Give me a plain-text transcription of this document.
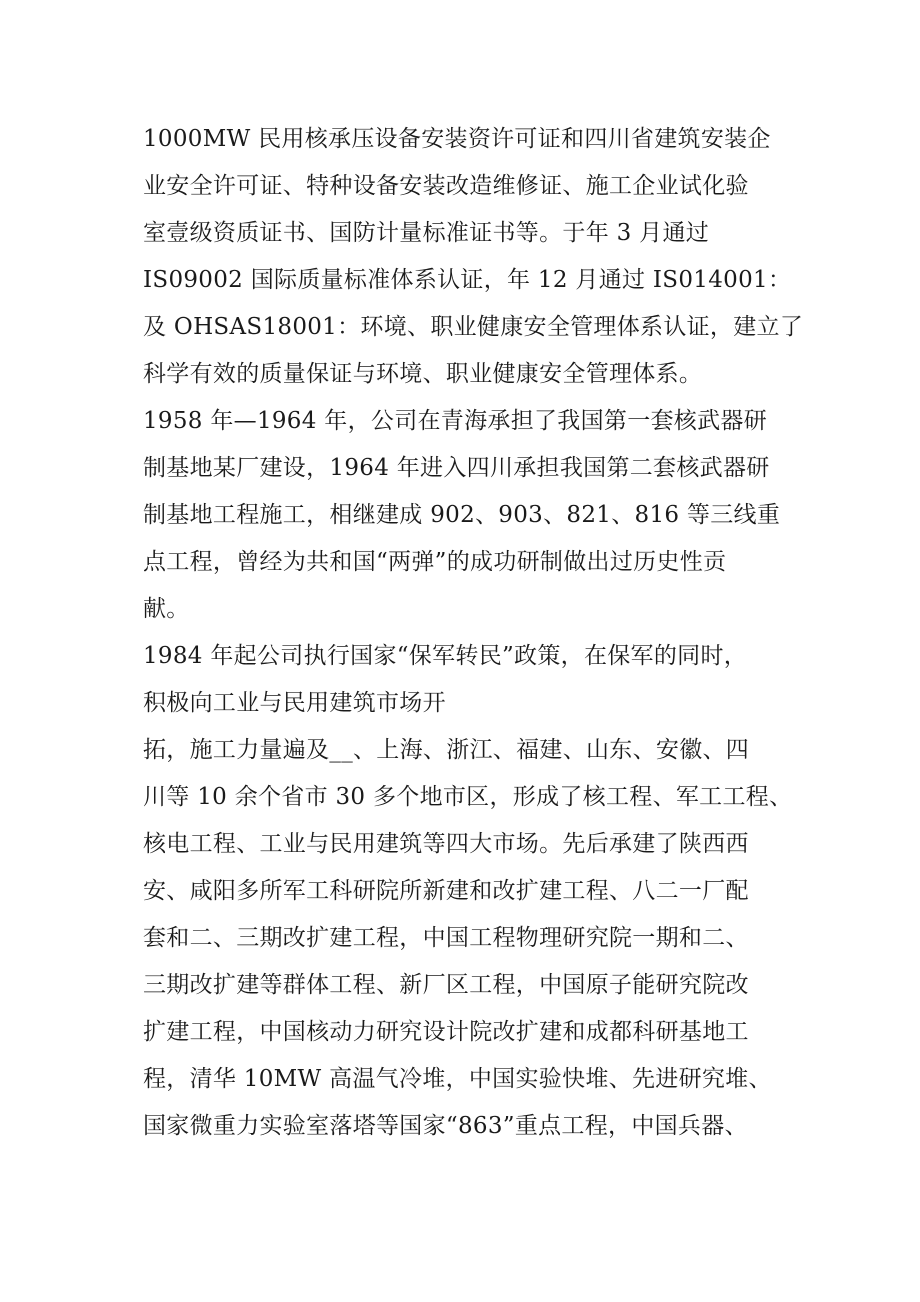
1000MW 民用核承压设备安装资许可证和四川省建筑安装企
业安全许可证、特种设备安装改造维修证、施工企业试化验
室壹级资质证书、国防计量标准证书等。于年 3 月通过
IS09002 国际质量标准体系认证，年 12 月通过 IS014001：
及 OHSAS18001：环境、职业健康安全管理体系认证，建立了
科学有效的质量保证与环境、职业健康安全管理体系。
1958 年—1964 年，公司在青海承担了我国第一套核武器研
制基地某厂建设，1964 年进入四川承担我国第二套核武器研
制基地工程施工，相继建成 902、903、821、816 等三线重
点工程，曾经为共和国“两弹”的成功研制做出过历史性贡
献。
1984 年起公司执行国家“保军转民”政策，在保军的同时，
积极向工业与民用建筑市场开
拓，施工力量遍及__、上海、浙江、福建、山东、安徽、四
川等 10 余个省市 30 多个地市区，形成了核工程、军工工程、
核电工程、工业与民用建筑等四大市场。先后承建了陕西西
安、咸阳多所军工科研院所新建和改扩建工程、八二一厂配
套和二、三期改扩建工程，中国工程物理研究院一期和二、
三期改扩建等群体工程、新厂区工程，中国原子能研究院改
扩建工程，中国核动力研究设计院改扩建和成都科研基地工
程，清华 10MW 高温气冷堆，中国实验快堆、先进研究堆、
国家微重力实验室落塔等国家“863”重点工程，中国兵器、
